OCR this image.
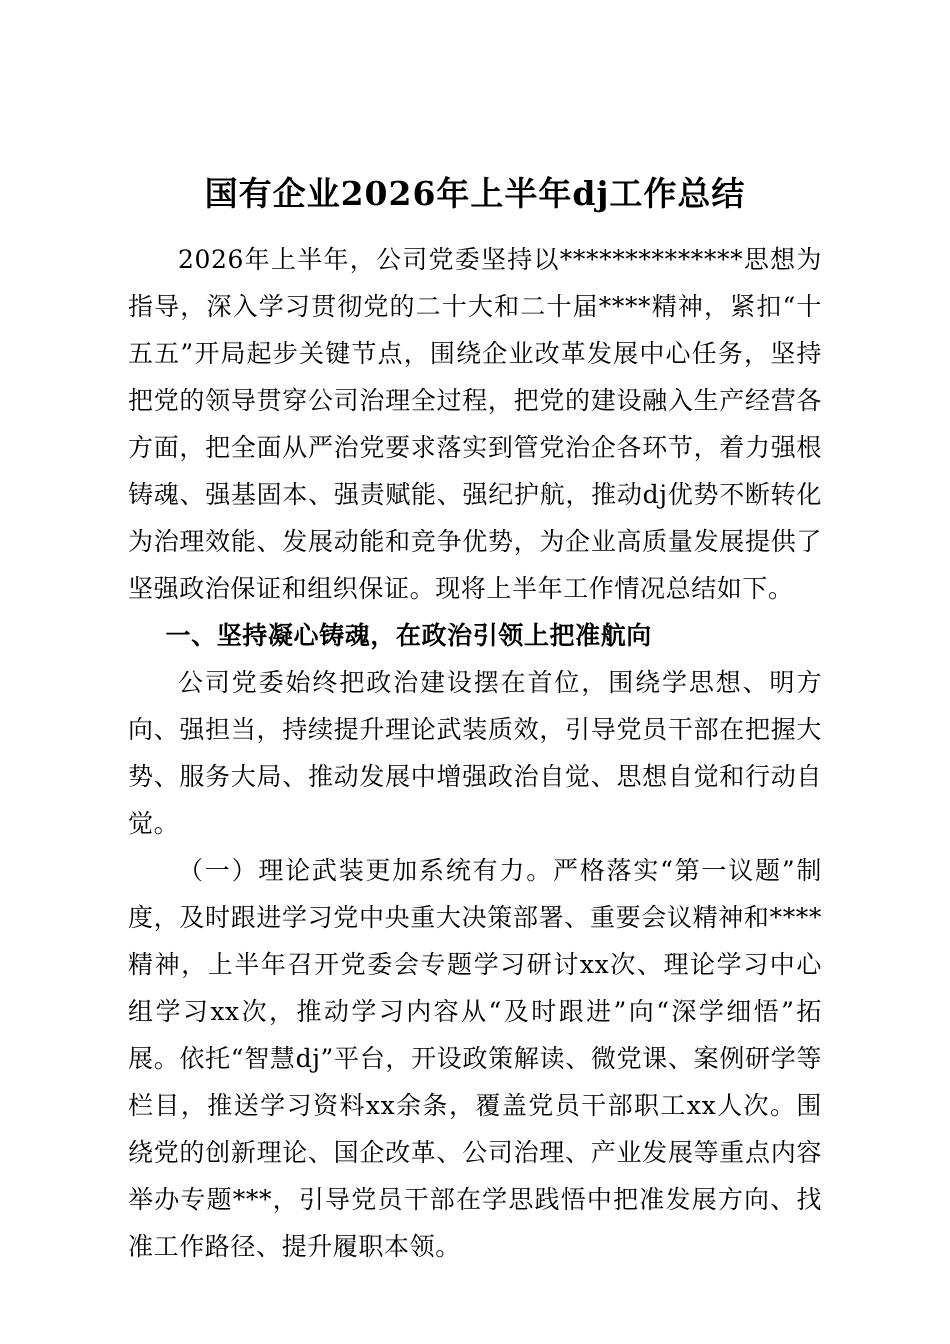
国有企业2026年上半年dj工作总结

2026年上半年，公司党委坚持以**************思想为指导，深入学习贯彻党的二十大和二十届****精神，紧扣“十五五”开局起步关键节点，围绕企业改革发展中心任务，坚持把党的领导贯穿公司治理全过程，把党的建设融入生产经营各方面，把全面从严治党要求落实到管党治企各环节，着力强根铸魂、强基固本、强责赋能、强纪护航，推动dj优势不断转化为治理效能、发展动能和竞争优势，为企业高质量发展提供了坚强政治保证和组织保证。现将上半年工作情况总结如下。

一、坚持凝心铸魂，在政治引领上把准航向

公司党委始终把政治建设摆在首位，围绕学思想、明方向、强担当，持续提升理论武装质效，引导党员干部在把握大势、服务大局、推动发展中增强政治自觉、思想自觉和行动自觉。

（一）理论武装更加系统有力。严格落实“第一议题”制度，及时跟进学习党中央重大决策部署、重要会议精神和****精神，上半年召开党委会专题学习研讨xx次、理论学习中心组学习xx次，推动学习内容从“及时跟进”向“深学细悟”拓展。依托“智慧dj”平台，开设政策解读、微党课、案例研学等栏目，推送学习资料xx余条，覆盖党员干部职工xx人次。围绕党的创新理论、国企改革、公司治理、产业发展等重点内容举办专题***，引导党员干部在学思践悟中把准发展方向、找准工作路径、提升履职本领。
